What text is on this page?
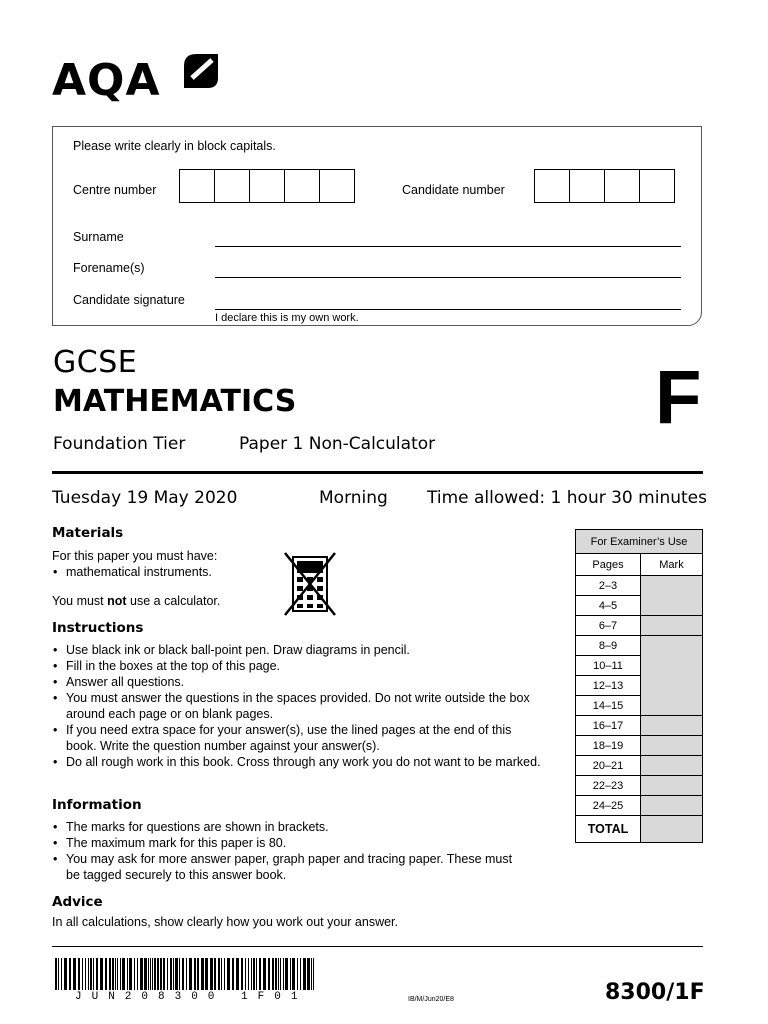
AQA
Please write clearly in block capitals.
Centre number	Candidate number
Surname
Forename(s)
Candidate signature
I declare this is my own work.
GCSE
MATHEMATICS
Foundation Tier	Paper 1 Non-Calculator
F
Tuesday 19 May 2020	Morning Time allowed: 1 hour 30 minutes
Materials
For this paper you must have:
• mathematical instruments.
You must not use a calculator.
Instructions
• Use black ink or black ball-point pen. Draw diagrams in pencil.
• Fill in the boxes at the top of this page.
• Answer all questions.
• You must answer the questions in the spaces provided. Do not write outside the box around each page or on blank pages.
• If you need extra space for your answer(s), use the lined pages at the end of this book. Write the question number against your answer(s).
• Do all rough work in this book. Cross through any work you do not want to be marked.
Information
• The marks for questions are shown in brackets.
• The maximum mark for this paper is 80.
• You may ask for more answer paper, graph paper and tracing paper. These must be tagged securely to this answer book.
Advice
In all calculations, show clearly how you work out your answer.
For Examiner’s Use	
Pages	Mark
2–3	
4–5	
6–7	
8–9	
10–11	
12–13	
14–15	
16–17	
18–19	
20–21	
22–23	
24–25	
TOTAL	
JUN208300 1F01	IB/M/Jun20/E8	8300/1F
